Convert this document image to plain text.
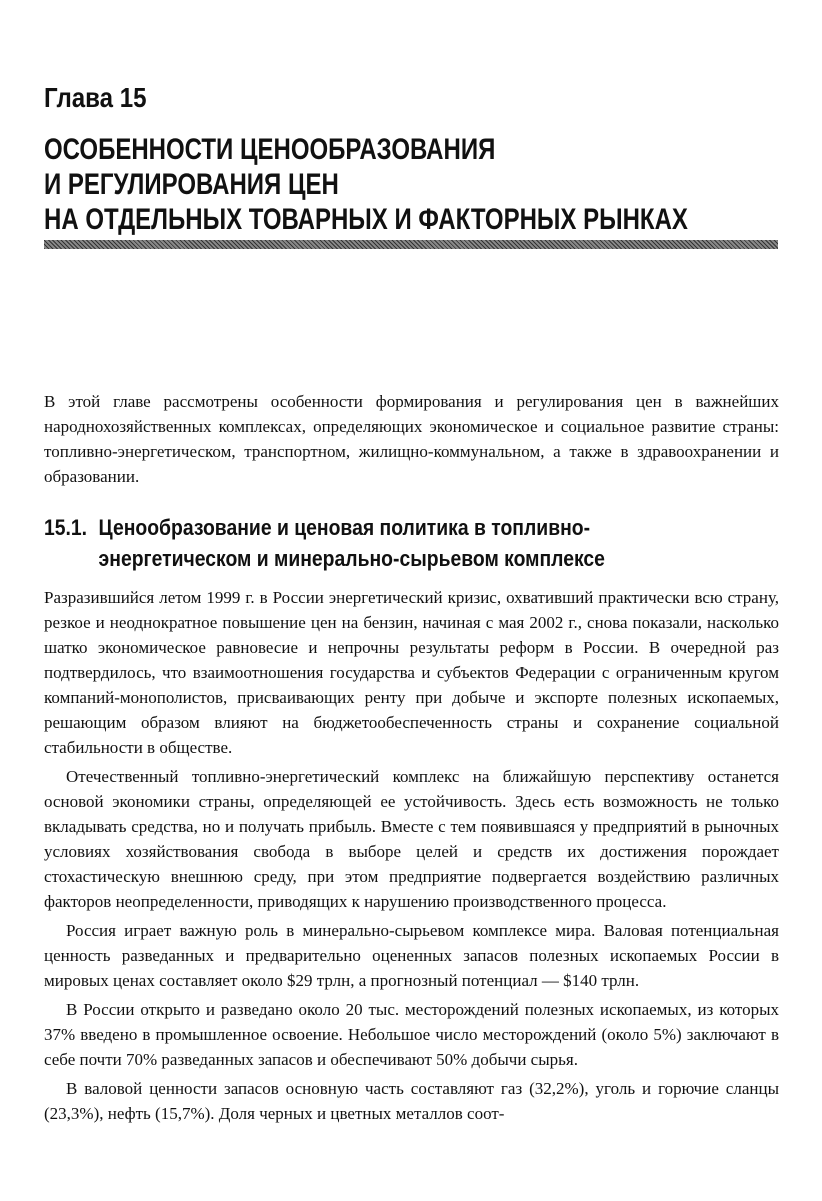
Глава 15
ОСОБЕННОСТИ ЦЕНООБРАЗОВАНИЯ
И РЕГУЛИРОВАНИЯ ЦЕН
НА ОТДЕЛЬНЫХ ТОВАРНЫХ И ФАКТОРНЫХ РЫНКАХ
В этой главе рассмотрены особенности формирования и регулирования цен в важнейших народнохозяйственных комплексах, определяющих экономическое и социальное развитие страны: топливно-энергетическом, транспортном, жилищно-коммунальном, а также в здравоохранении и образовании.
15.1. Ценообразование и ценовая политика в топливно-
энергетическом и минерально-сырьевом комплексе

Разразившийся летом 1999 г. в России энергетический кризис, охвативший практически всю страну, резкое и неоднократное повышение цен на бензин, начиная с мая 2002 г., снова показали, насколько шатко экономическое равновесие и непрочны результаты реформ в России. В очередной раз подтвердилось, что взаимоотношения государства и субъектов Федерации с ограниченным кругом компаний-монополистов, присваивающих ренту при добыче и экспорте полезных ископаемых, решающим образом влияют на бюджетообеспеченность страны и сохранение социальной стабильности в обществе.

Отечественный топливно-энергетический комплекс на ближайшую перспективу останется основой экономики страны, определяющей ее устойчивость. Здесь есть возможность не только вкладывать средства, но и получать прибыль. Вместе с тем появившаяся у предприятий в рыночных условиях хозяйствования свобода в выборе целей и средств их достижения порождает стохастическую внешнюю среду, при этом предприятие подвергается воздействию различных факторов неопределенности, приводящих к нарушению производственного процесса.

Россия играет важную роль в минерально-сырьевом комплексе мира. Валовая потенциальная ценность разведанных и предварительно оцененных запасов полезных ископаемых России в мировых ценах составляет около $29 трлн, а прогнозный потенциал — $140 трлн.

В России открыто и разведано около 20 тыс. месторождений полезных ископаемых, из которых 37% введено в промышленное освоение. Небольшое число месторождений (около 5%) заключают в себе почти 70% разведанных запасов и обеспечивают 50% добычи сырья.

В валовой ценности запасов основную часть составляют газ (32,2%), уголь и горючие сланцы (23,3%), нефть (15,7%). Доля черных и цветных металлов соот-
